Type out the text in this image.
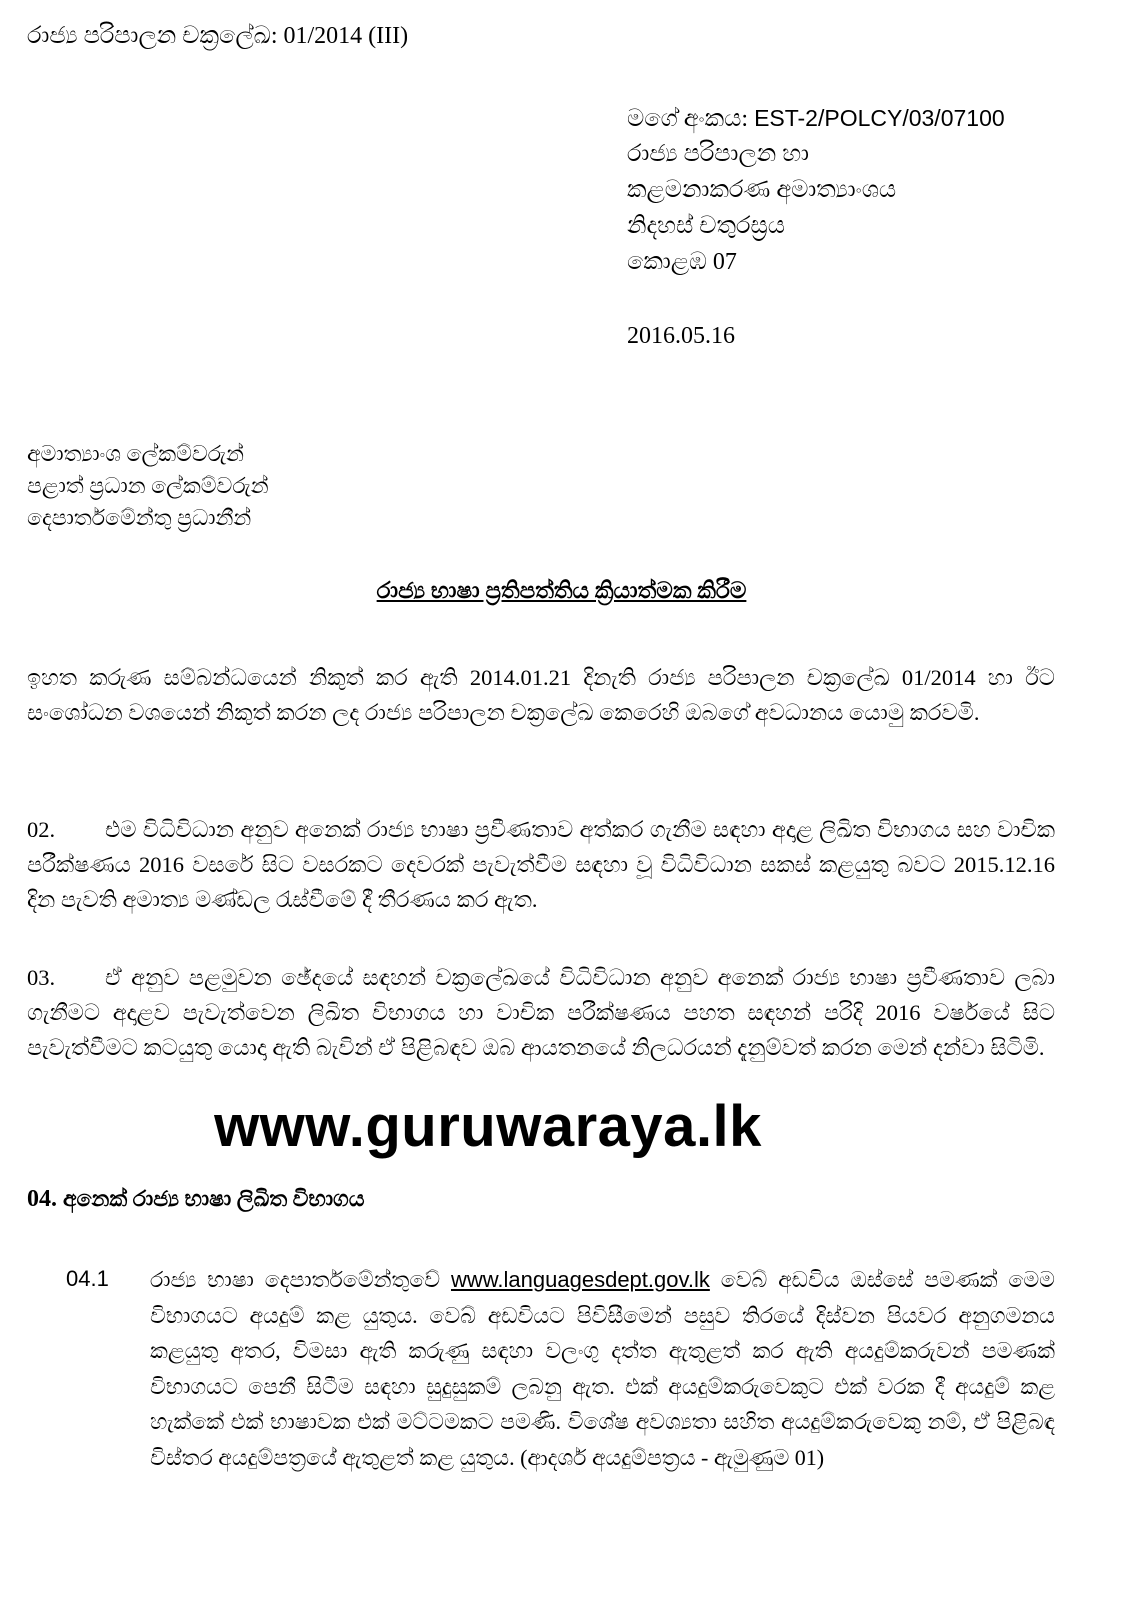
රාජ්‍ය පරිපාලන චක්‍රලේඛ: 01/2014 (III)
මගේ අංකය: EST-2/POLCY/03/07100
රාජ්‍ය පරිපාලන හා
කළමනාකරණ අමාත්‍යාංශය
නිදහස් චතුරස්‍රය
කොළඹ 07
2016.05.16
අමාත්‍යාංශ ලේකම්වරුන්
පළාත් ප්‍රධාන ලේකම්වරුන්
දෙපාර්තමේන්තු ප්‍රධානීන්
රාජ්‍ය භාෂා ප්‍රතිපත්තිය ක්‍රියාත්මක කිරීම
ඉහත කරුණ සම්බන්ධයෙන් නිකුත් කර ඇති 2014.01.21 දිනැති රාජ්‍ය පරිපාලන චක්‍රලේඛ 01/2014 හා ඊට සංශෝධන වශයෙන් නිකුත් කරන ලද රාජ්‍ය පරිපාලන චක්‍රලේඛ කෙරෙහි ඔබගේ අවධානය යොමු කරවමි.
02. එම විධිවිධාන අනුව අනෙක් රාජ්‍ය භාෂා ප්‍රවීණතාව අත්කර ගැනීම සඳහා අදාළ ලිඛිත විභාගය සහ වාචික පරීක්ෂණය 2016 වසරේ සිට වසරකට දෙවරක් පැවැත්වීම සඳහා වූ විධිවිධාන සකස් කළයුතු බවට 2015.12.16 දින පැවති අමාත්‍ය මණ්ඩල රැස්වීමේ දී තීරණය කර ඇත.
03. ඒ අනුව පළමුවන ඡේදයේ සඳහන් චක්‍රලේඛයේ විධිවිධාන අනුව අනෙක් රාජ්‍ය භාෂා ප්‍රවීණතාව ලබා ගැනීමට අදාළව පැවැත්වෙන ලිඛිත විභාගය හා වාචික පරීක්ෂණය පහත සඳහන් පරිදි 2016 වර්ෂයේ සිට පැවැත්වීමට කටයුතු යොදා ඇති බැවින් ඒ පිළිබඳව ඔබ ආයතනයේ නිලධරයන් දැනුම්වත් කරන මෙන් දන්වා සිටිමි.
www.guruwaraya.lk
04. අනෙක් රාජ්‍ය භාෂා ලිඛිත විභාගය
04.1 රාජ්‍ය භාෂා දෙපාර්තමේන්තුවේ www.languagesdept.gov.lk වෙබ් අඩවිය ඔස්සේ පමණක් මෙම විභාගයට අයදුම් කළ යුතුය. වෙබ් අඩවියට පිවිසීමෙන් පසුව තිරයේ දිස්වන පියවර අනුගමනය කළයුතු අතර, විමසා ඇති කරුණු සඳහා වලංගු දත්ත ඇතුළත් කර ඇති අයදුම්කරුවන් පමණක් විභාගයට පෙනී සිටීම සඳහා සුදුසුකම් ලබනු ඇත. එක් අයදුම්කරුවෙකුට එක් වරක දී අයදුම් කළ හැක්කේ එක් භාෂාවක එක් මට්ටමකට පමණි. විශේෂ අවශ්‍යතා සහිත අයදුම්කරුවෙකු නම්, ඒ පිළිබඳ විස්තර අයදුම්පත්‍රයේ ඇතුළත් කළ යුතුය. (ආදර්ශ අයදුම්පත්‍රය - ඇමුණුම 01)
